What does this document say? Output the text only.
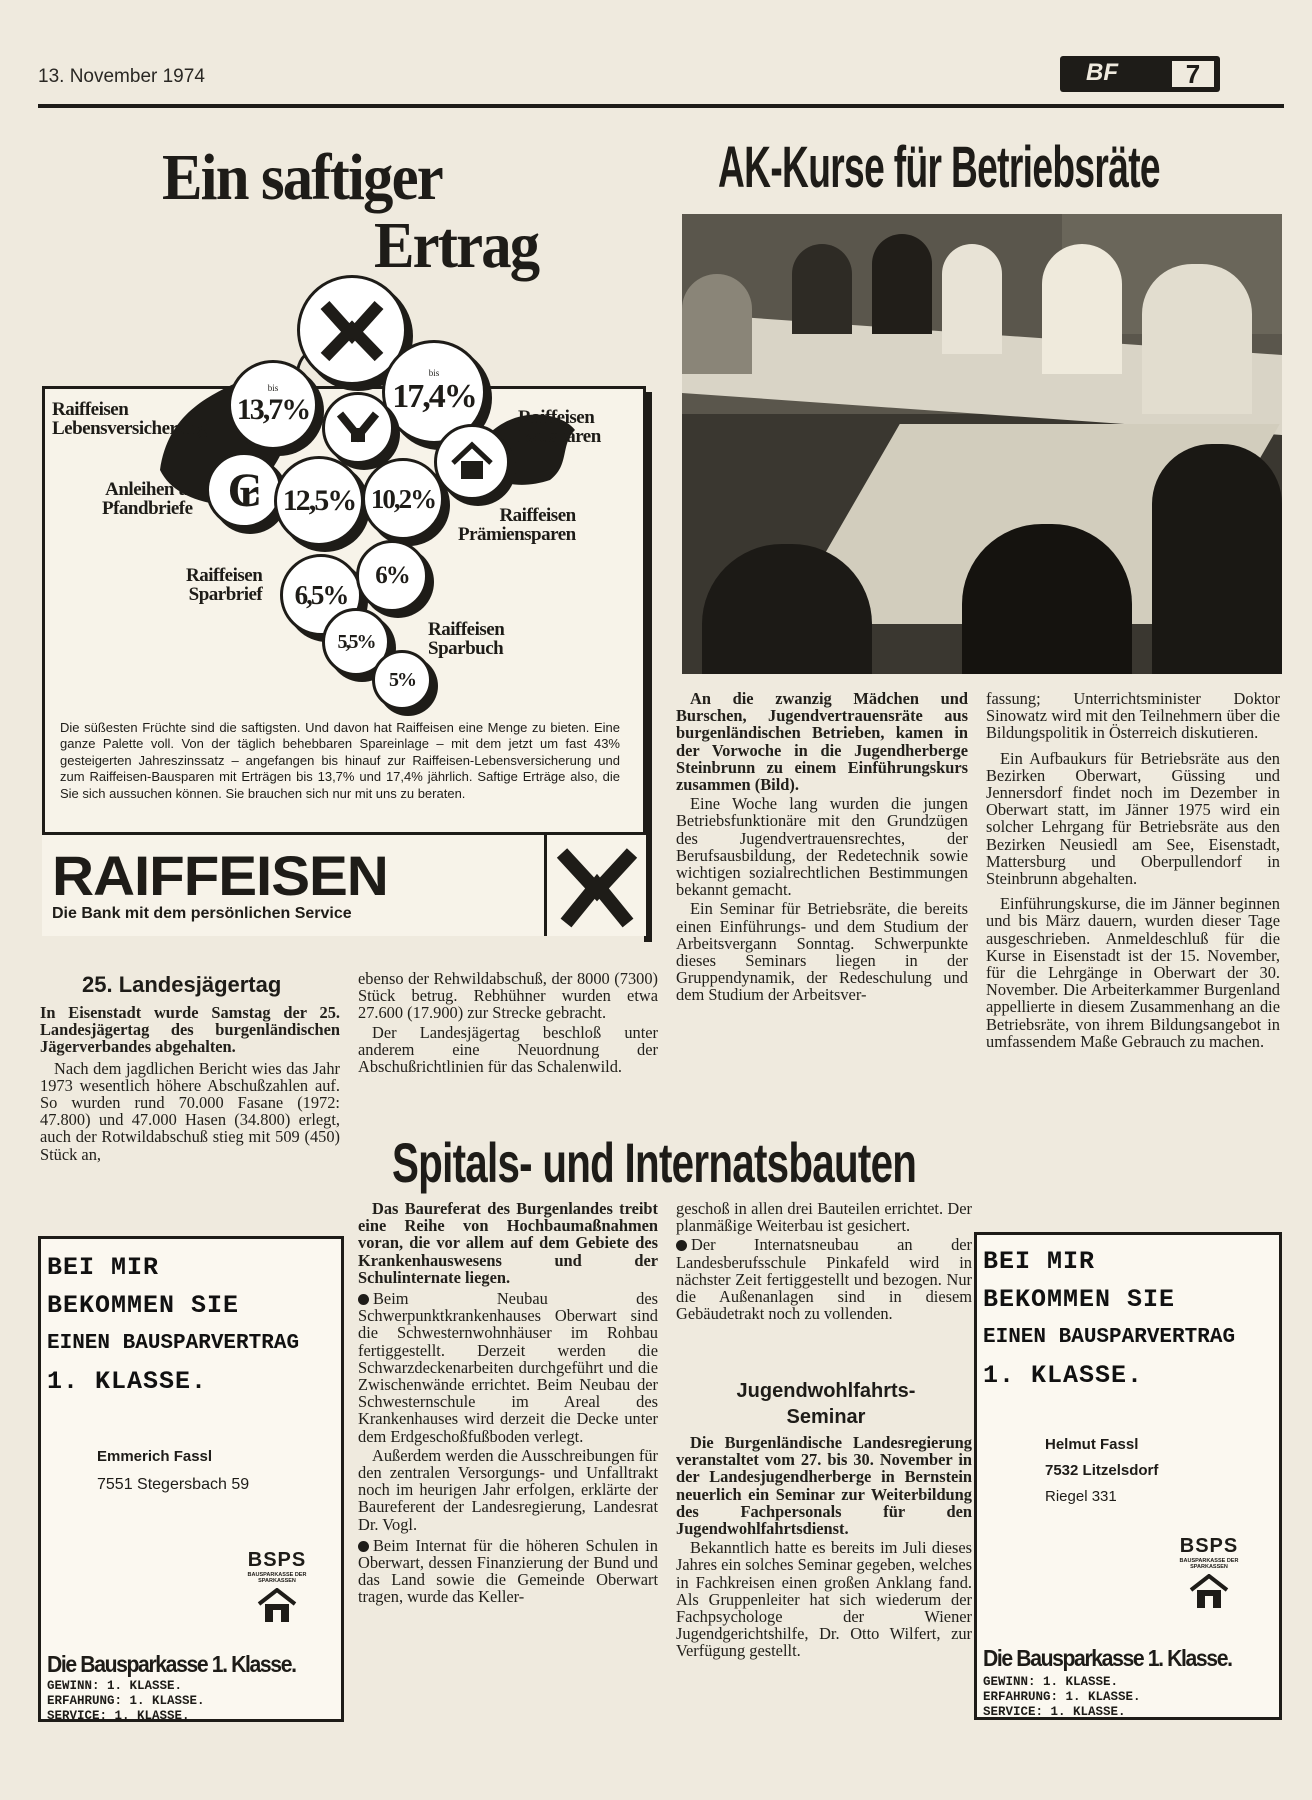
13. November 1974	BF	7
Ein saftiger
Ertrag
bis
13,7%
bis
17,4%
₢ 12,5% 10,2%
6,5%
6%
5,5%
5%
Raiffeisen
Lebensversicherung
Raiffeisen
Bausparen
Anleihen u.
Pfandbriefe	Raiffeisen
Prämiensparen
Raiffeisen
Sparbrief
Raiffeisen
Sparbuch
Die süßesten Früchte sind die saftigsten. Und davon hat Raiffeisen eine Menge zu bieten. Eine ganze Palette voll. Von der täglich behebbaren Spareinlage – mit dem jetzt um fast 43% gesteigerten Jahreszinssatz – angefangen bis hinauf zur Raiffeisen-Lebensversicherung und zum Raiffeisen-Bausparen mit Erträgen bis 13,7% und 17,4% jährlich. Saftige Erträge also, die Sie sich aussuchen können. Sie brauchen sich nur mit uns zu beraten.
RAIFFEISEN
Die Bank mit dem persönlichen Service
AK-Kurse für Betriebsräte

An die zwanzig Mädchen und Burschen, Jugendvertrauensräte aus burgenländischen Betrieben, kamen in der Vorwoche in die Jugendherberge Steinbrunn zu einem Einführungskurs zusammen (Bild).

Eine Woche lang wurden die jungen Betriebsfunktionäre mit den Grundzügen des Jugendvertrauensrechtes, der Berufsausbildung, der Redetechnik sowie wichtigen sozialrechtlichen Bestimmungen bekannt gemacht.

Ein Seminar für Betriebsräte, die bereits einen Einführungs- und dem Studium der Arbeitsvergann Sonntag. Schwerpunkte dieses Seminars liegen in der Gruppendynamik, der Redeschulung und dem Studium der Arbeitsver-

fassung; Unterrichtsminister Doktor Sinowatz wird mit den Teilnehmern über die Bildungspolitik in Österreich diskutieren.

Ein Aufbaukurs für Betriebsräte aus den Bezirken Oberwart, Güssing und Jennersdorf findet noch im Dezember in Oberwart statt, im Jänner 1975 wird ein solcher Lehrgang für Betriebsräte aus den Bezirken Neusiedl am See, Eisenstadt, Mattersburg und Oberpullendorf in Steinbrunn abgehalten.

Einführungskurse, die im Jänner beginnen und bis März dauern, wurden dieser Tage ausgeschrieben. Anmeldeschluß für die Kurse in Eisenstadt ist der 15. November, für die Lehrgänge in Oberwart der 30. November. Die Arbeiterkammer Burgenland appellierte in diesem Zusammenhang an die Betriebsräte, von ihrem Bildungsangebot in umfassendem Maße Gebrauch zu machen.

25. Landesjägertag

In Eisenstadt wurde Samstag der 25. Landesjägertag des burgenländischen Jägerverbandes abgehalten.

Nach dem jagdlichen Bericht wies das Jahr 1973 wesentlich höhere Abschußzahlen auf. So wurden rund 70.000 Fasane (1972: 47.800) und 47.000 Hasen (34.800) erlegt, auch der Rotwildabschuß stieg mit 509 (450) Stück an,

ebenso der Rehwildabschuß, der 8000 (7300) Stück betrug. Rebhühner wurden etwa 27.600 (17.900) zur Strecke gebracht.

Der Landesjägertag beschloß unter anderem eine Neuordnung der Abschußrichtlinien für das Schalenwild.

Spitals- und Internatsbauten

Das Baureferat des Burgenlandes treibt eine Reihe von Hochbaumaßnahmen voran, die vor allem auf dem Gebiete des Krankenhauswesens und der Schulinternate liegen.

Beim Neubau des Schwerpunktkrankenhauses Oberwart sind die Schwesternwohnhäuser im Rohbau fertiggestellt. Derzeit werden die Schwarzdeckenarbeiten durchgeführt und die Zwischenwände errichtet. Beim Neubau der Schwesternschule im Areal des Krankenhauses wird derzeit die Decke unter dem Erdgeschoßfußboden verlegt.

Außerdem werden die Ausschreibungen für den zentralen Versorgungs- und Unfalltrakt noch im heurigen Jahr erfolgen, erklärte der Baureferent der Landesregierung, Landesrat Dr. Vogl.

Beim Internat für die höheren Schulen in Oberwart, dessen Finanzierung der Bund und das Land sowie die Gemeinde Oberwart tragen, wurde das Keller-

geschoß in allen drei Bauteilen errichtet. Der planmäßige Weiterbau ist gesichert.

Der Internatsneubau an der Landesberufsschule Pinkafeld wird in nächster Zeit fertiggestellt und bezogen. Nur die Außenanlagen sind in diesem Gebäudetrakt noch zu vollenden.

Jugendwohlfahrts-
Seminar

Die Burgenländische Landesregierung veranstaltet vom 27. bis 30. November in der Landesjugendherberge in Bernstein neuerlich ein Seminar zur Weiterbildung des Fachpersonals für den Jugendwohlfahrtsdienst.

Bekanntlich hatte es bereits im Juli dieses Jahres ein solches Seminar gegeben, welches in Fachkreisen einen großen Anklang fand. Als Gruppenleiter hat sich wiederum der Fachpsychologe der Wiener Jugendgerichtshilfe, Dr. Otto Wilfert, zur Verfügung gestellt.

BEI MIR
BEKOMMEN SIE
EINEN BAUSPARVERTRAG
1. KLASSE.
Emmerich Fassl
7551 Stegersbach 59
BSPS
BAUSPARKASSE DER SPARKASSEN
Die Bausparkasse 1. Klasse.
GEWINN: 1. KLASSE.
ERFAHRUNG: 1. KLASSE.
SERVICE: 1. KLASSE.
BEI MIR
BEKOMMEN SIE
EINEN BAUSPARVERTRAG
1. KLASSE.
Helmut Fassl
7532 Litzelsdorf
Riegel 331
BSPS
BAUSPARKASSE DER SPARKASSEN
Die Bausparkasse 1. Klasse.
GEWINN: 1. KLASSE.
ERFAHRUNG: 1. KLASSE.
SERVICE: 1. KLASSE.
